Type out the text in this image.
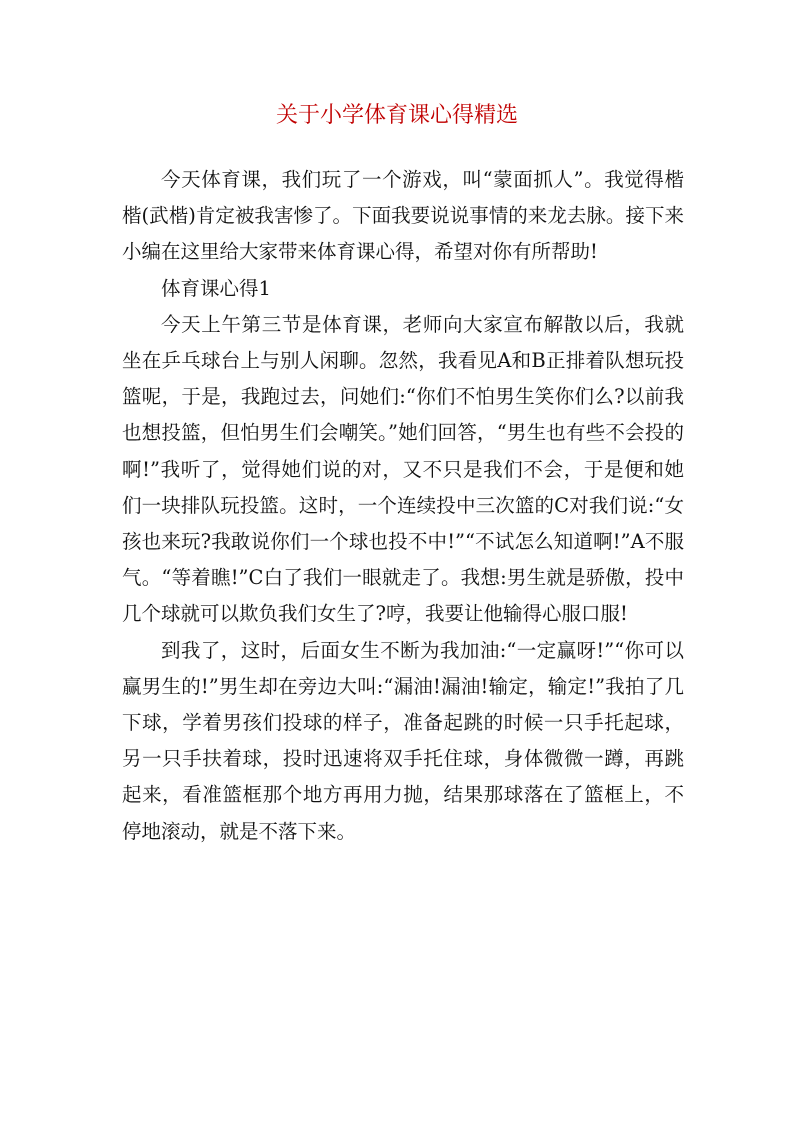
关于小学体育课心得精选

今天体育课，我们玩了一个游戏，叫“蒙面抓人”。我觉得楷楷(武楷)肯定被我害惨了。下面我要说说事情的来龙去脉。接下来小编在这里给大家带来体育课心得，希望对你有所帮助!

体育课心得1

今天上午第三节是体育课，老师向大家宣布解散以后，我就坐在乒乓球台上与别人闲聊。忽然，我看见A和B正排着队想玩投篮呢，于是，我跑过去，问她们:“你们不怕男生笑你们么?以前我也想投篮，但怕男生们会嘲笑。”她们回答，“男生也有些不会投的啊!”我听了，觉得她们说的对，又不只是我们不会，于是便和她们一块排队玩投篮。这时，一个连续投中三次篮的C对我们说:“女孩也来玩?我敢说你们一个球也投不中!”“不试怎么知道啊!”A不服气。“等着瞧!”C白了我们一眼就走了。我想:男生就是骄傲，投中几个球就可以欺负我们女生了?哼，我要让他输得心服口服!

到我了，这时，后面女生不断为我加油:“一定赢呀!”“你可以赢男生的!”男生却在旁边大叫:“漏油!漏油!输定，输定!”我拍了几下球，学着男孩们投球的样子，准备起跳的时候一只手托起球，另一只手扶着球，投时迅速将双手托住球，身体微微一蹲，再跳起来，看准篮框那个地方再用力抛，结果那球落在了篮框上，不停地滚动，就是不落下来。
